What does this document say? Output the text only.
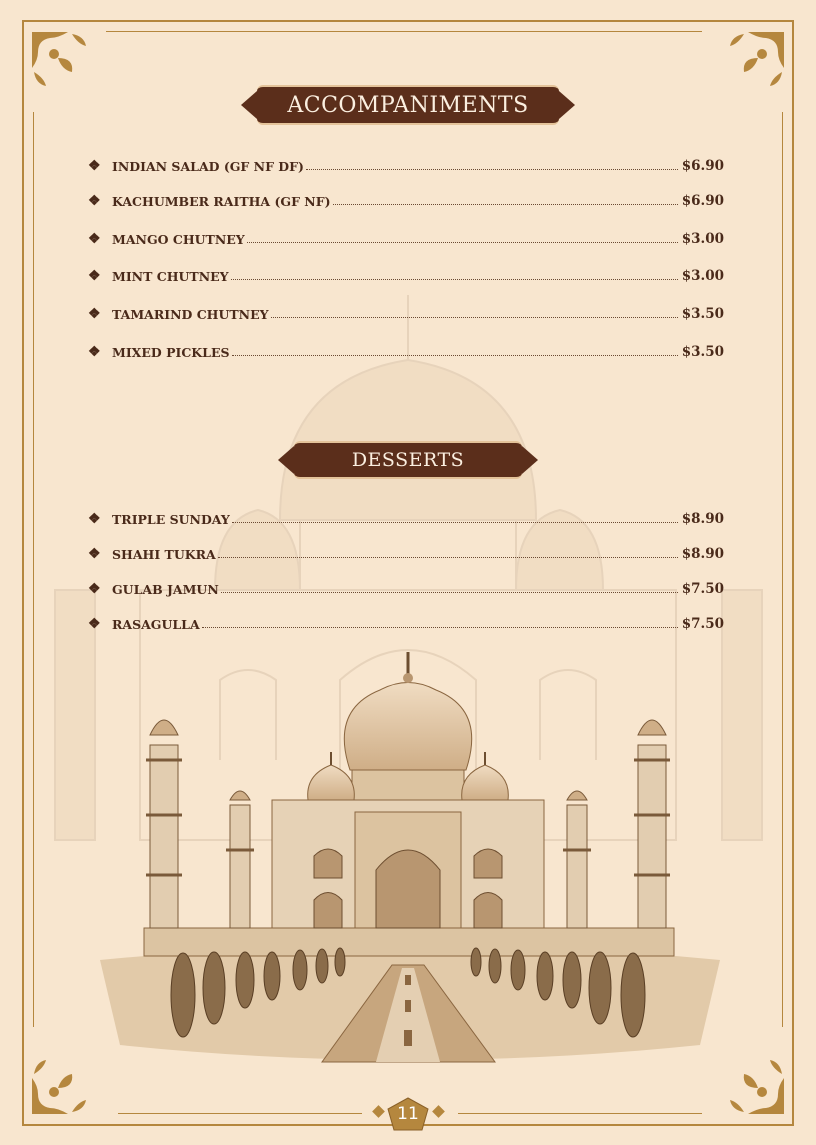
ACCOMPANIMENTS
❖ INDIAN SALAD (GF NF DF)	$6.90
❖ KACHUMBER RAITHA (GF NF)	$6.90
❖ MANGO CHUTNEY	$3.00
❖ MINT CHUTNEY	$3.00
❖ TAMARIND CHUTNEY	$3.50
❖ MIXED PICKLES	$3.50
DESSERTS
❖ TRIPLE SUNDAY	$8.90
❖ SHAHI TUKRA	$8.90
❖ GULAB JAMUN	$7.50
❖ RASAGULLA	$7.50
11
